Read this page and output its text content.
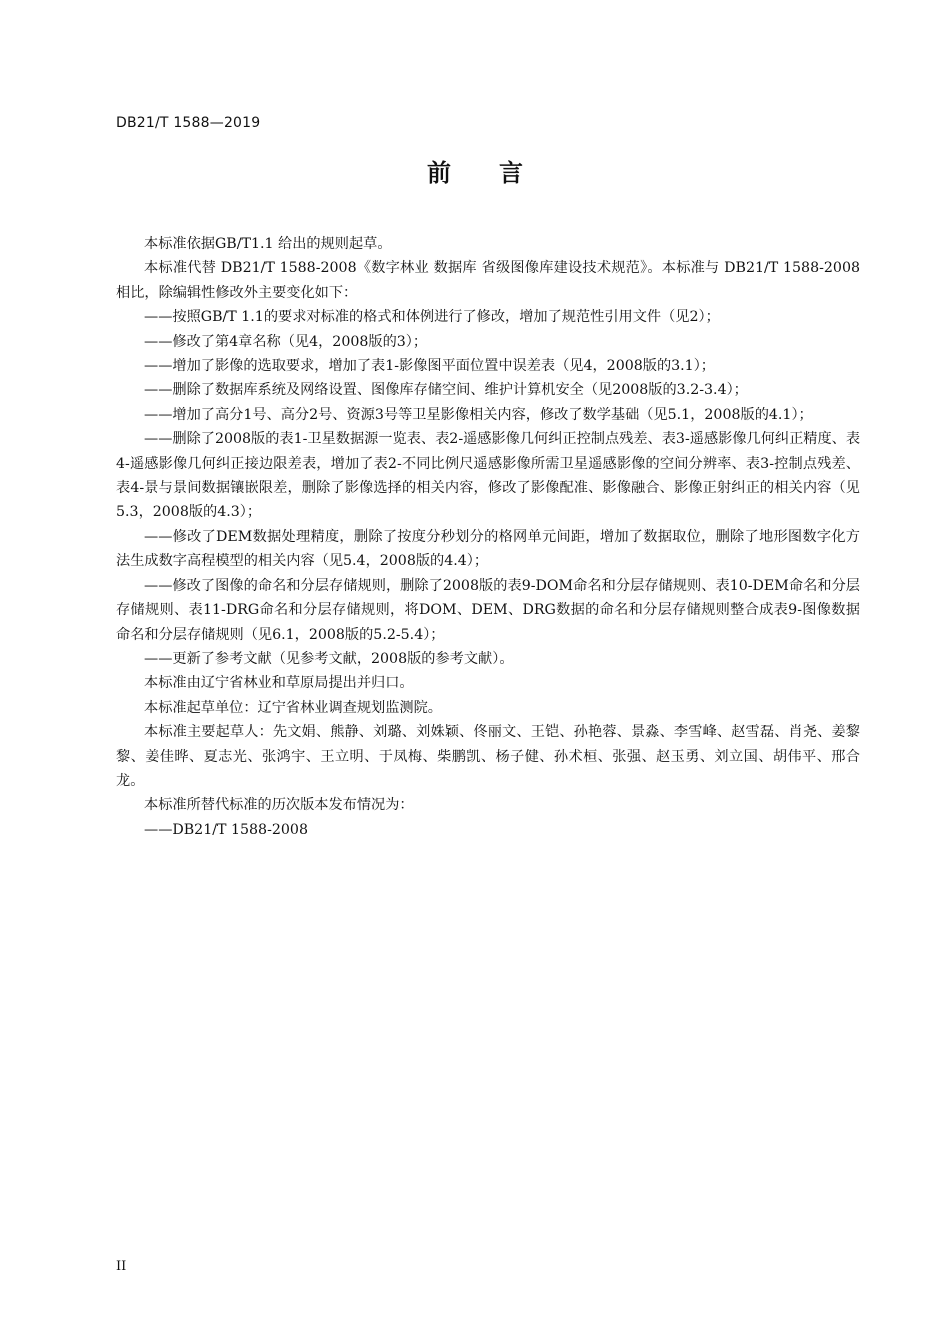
DB21/T 1588—2019
前　　言

本标准依据GB/T1.1 给出的规则起草。

本标准代替 DB21/T 1588-2008《数字林业 数据库 省级图像库建设技术规范》。本标准与 DB21/T 1588-2008 相比，除编辑性修改外主要变化如下：

——按照GB/T 1.1的要求对标准的格式和体例进行了修改，增加了规范性引用文件（见2）；

——修改了第4章名称（见4，2008版的3）；

——增加了影像的选取要求，增加了表1-影像图平面位置中误差表（见4，2008版的3.1）；

——删除了数据库系统及网络设置、图像库存储空间、维护计算机安全（见2008版的3.2-3.4）；

——增加了高分1号、高分2号、资源3号等卫星影像相关内容，修改了数学基础（见5.1，2008版的4.1）；

——删除了2008版的表1-卫星数据源一览表、表2-遥感影像几何纠正控制点残差、表3-遥感影像几何纠正精度、表4-遥感影像几何纠正接边限差表，增加了表2-不同比例尺遥感影像所需卫星遥感影像的空间分辨率、表3-控制点残差、表4-景与景间数据镶嵌限差，删除了影像选择的相关内容，修改了影像配准、影像融合、影像正射纠正的相关内容（见5.3，2008版的4.3）；

——修改了DEM数据处理精度，删除了按度分秒划分的格网单元间距，增加了数据取位，删除了地形图数字化方法生成数字高程模型的相关内容（见5.4，2008版的4.4）；

——修改了图像的命名和分层存储规则，删除了2008版的表9-DOM命名和分层存储规则、表10-DEM命名和分层存储规则、表11-DRG命名和分层存储规则，将DOM、DEM、DRG数据的命名和分层存储规则整合成表9-图像数据命名和分层存储规则（见6.1，2008版的5.2-5.4）；

——更新了参考文献（见参考文献，2008版的参考文献）。

本标准由辽宁省林业和草原局提出并归口。

本标准起草单位：辽宁省林业调查规划监测院。

本标准主要起草人：先文娟、熊静、刘璐、刘姝颖、佟丽文、王铠、孙艳蓉、景淼、李雪峰、赵雪磊、肖尧、姜黎黎、姜佳晔、夏志光、张鸿宇、王立明、于凤梅、柴鹏凯、杨子健、孙术桓、张强、赵玉勇、刘立国、胡伟平、邢合龙。

本标准所替代标准的历次版本发布情况为：

——DB21/T 1588-2008

II
